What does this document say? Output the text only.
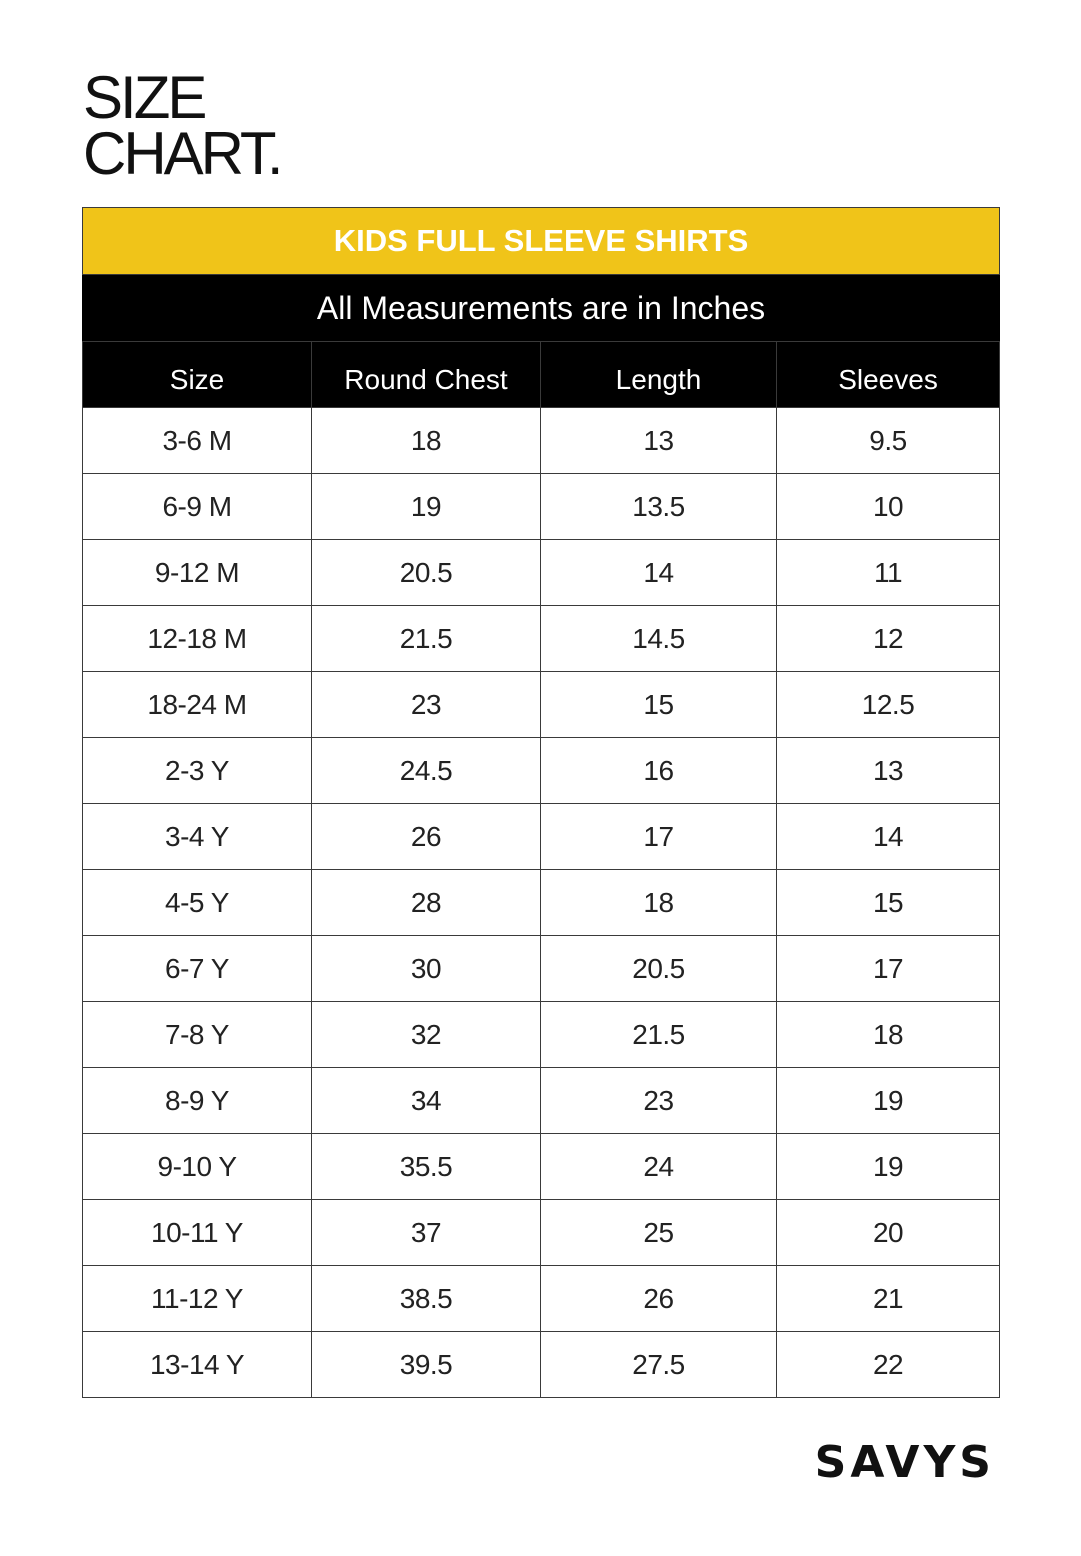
SIZE
CHART.
KIDS FULL SLEEVE SHIRTS			
All Measurements are in Inches			
Size	Round Chest	Length	Sleeves
3-6 M	18	13	9.5
6-9 M	19	13.5	10
9-12 M	20.5	14	11
12-18 M	21.5	14.5	12
18-24 M	23	15	12.5
2-3 Y	24.5	16	13
3-4 Y	26	17	14
4-5 Y	28	18	15
6-7 Y	30	20.5	17
7-8 Y	32	21.5	18
8-9 Y	34	23	19
9-10 Y	35.5	24	19
10-11 Y	37	25	20
11-12 Y	38.5	26	21
13-14 Y	39.5	27.5	22
SAVYS
